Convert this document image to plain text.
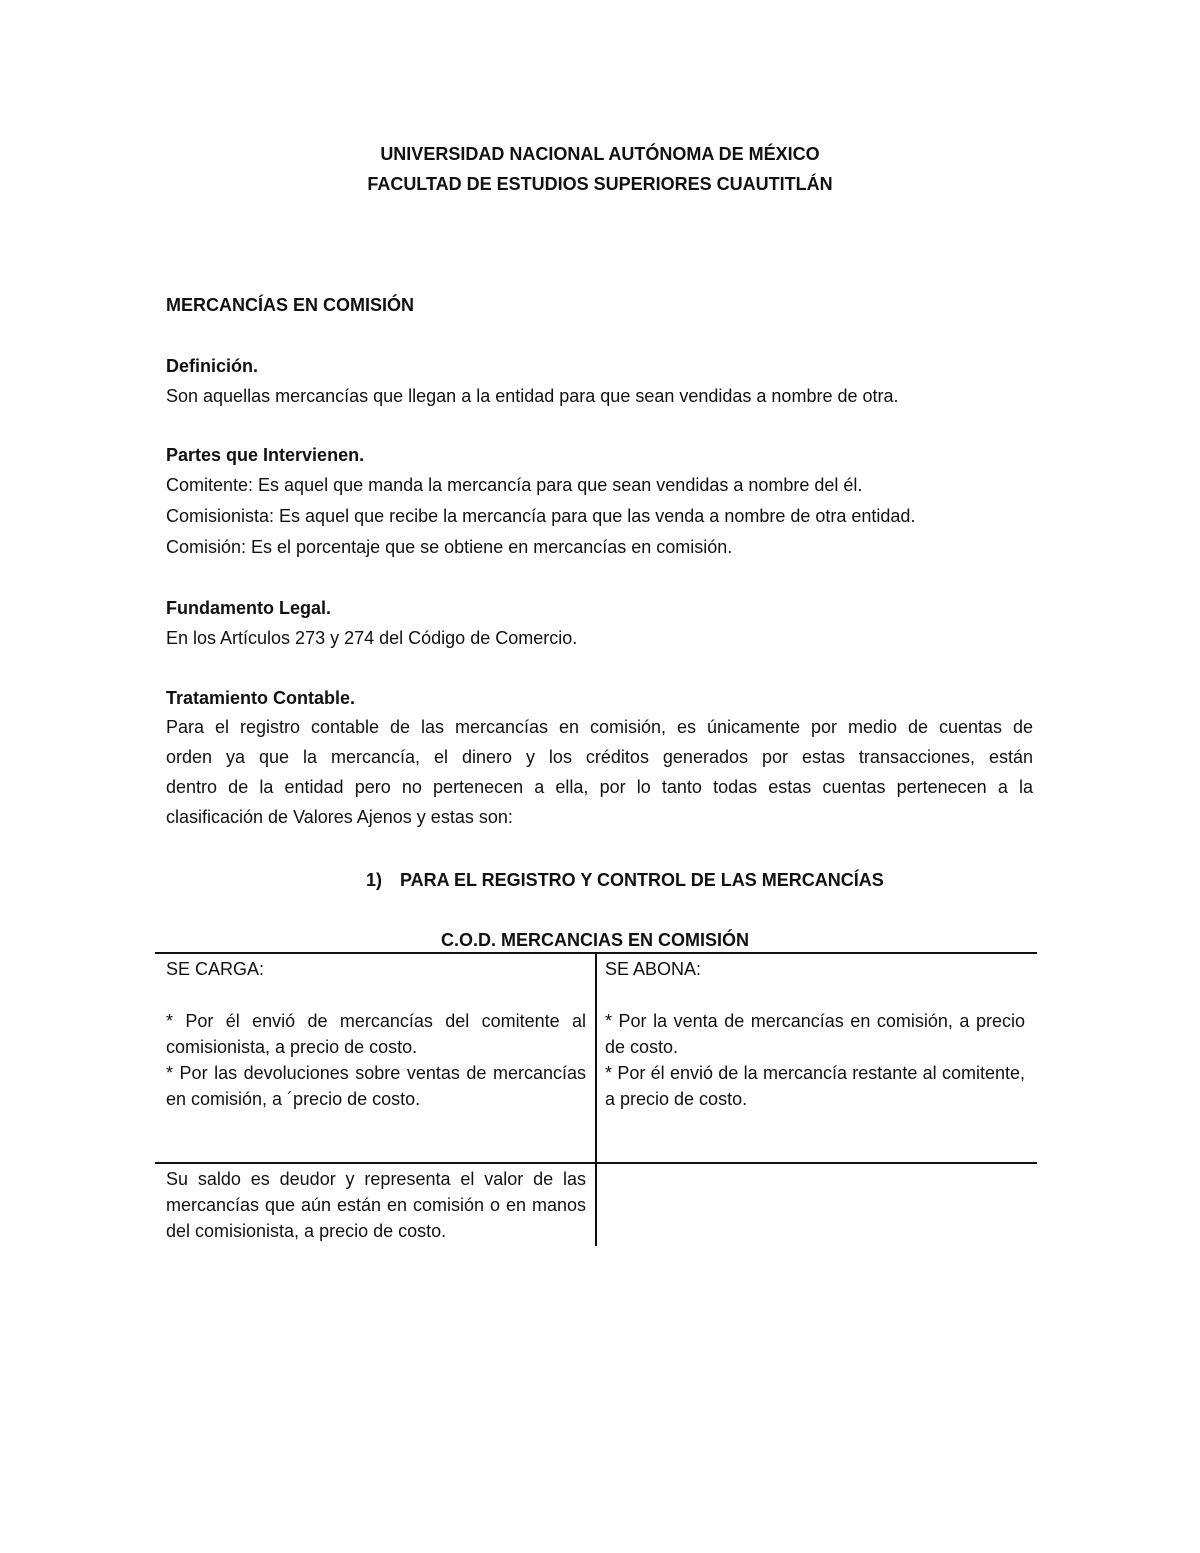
UNIVERSIDAD NACIONAL AUTÓNOMA DE MÉXICO
FACULTAD DE ESTUDIOS SUPERIORES CUAUTITLÁN
MERCANCÍAS EN COMISIÓN
Definición.
Son aquellas mercancías que llegan a la entidad para que sean vendidas a nombre de otra.
Partes que Intervienen.
Comitente: Es aquel que manda la mercancía para que sean vendidas a nombre del él.
Comisionista: Es aquel que recibe la mercancía para que las venda a nombre de otra entidad.
Comisión: Es el porcentaje que se obtiene en mercancías en comisión.
Fundamento Legal.
En los Artículos 273 y 274 del Código de Comercio.
Tratamiento Contable.
Para el registro contable de las mercancías en comisión, es únicamente por medio de cuentas de
orden ya que la mercancía, el dinero y los créditos generados por estas transacciones, están
dentro de la entidad pero no pertenecen a ella, por lo tanto todas estas cuentas pertenecen a la
clasificación de Valores Ajenos y estas son:
1) PARA EL REGISTRO Y CONTROL DE LAS MERCANCÍAS
C.O.D. MERCANCIAS EN COMISIÓN

SE CARGA:

* Por él envió de mercancías del comitente al comisionista, a precio de costo.

* Por las devoluciones sobre ventas de mercancías en comisión, a ´precio de costo.

SE ABONA:

* Por la venta de mercancías en comisión, a precio de costo.

* Por él envió de la mercancía restante al comitente, a precio de costo.

Su saldo es deudor y representa el valor de las mercancías que aún están en comisión o en manos del comisionista, a precio de costo.
